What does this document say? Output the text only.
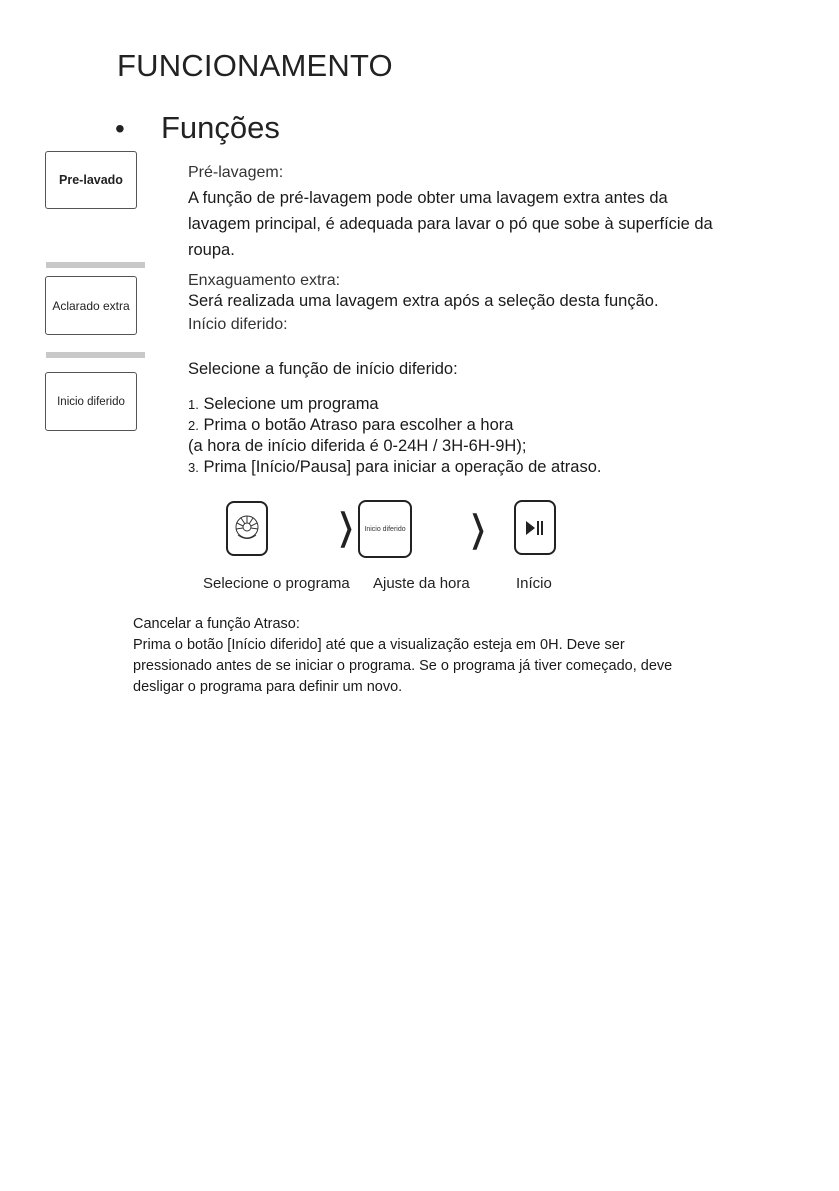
FUNCIONAMENTO
• Funções
Pre-lavado
Aclarado extra
Inicio diferido
Pré-lavagem:
A função de pré-lavagem pode obter uma lavagem extra antes da
lavagem principal, é adequada para lavar o pó que sobe à superfície da
roupa.
Enxaguamento extra:
Será realizada uma lavagem extra após a seleção desta função.
Início diferido:
Selecione a função de início diferido:
1. Selecione um programa
2. Prima o botão Atraso para escolher a hora
(a hora de início diferida é 0-24H / 3H-6H-9H);
3. Prima [Início/Pausa] para iniciar a operação de atraso.
❭ Inicio diferido ❭
Selecione o programa Ajuste da hora	Início
Cancelar a função Atraso:
Prima o botão [Início diferido] até que a visualização esteja em 0H. Deve ser
pressionado antes de se iniciar o programa. Se o programa já tiver começado, deve
desligar o programa para definir um novo.
